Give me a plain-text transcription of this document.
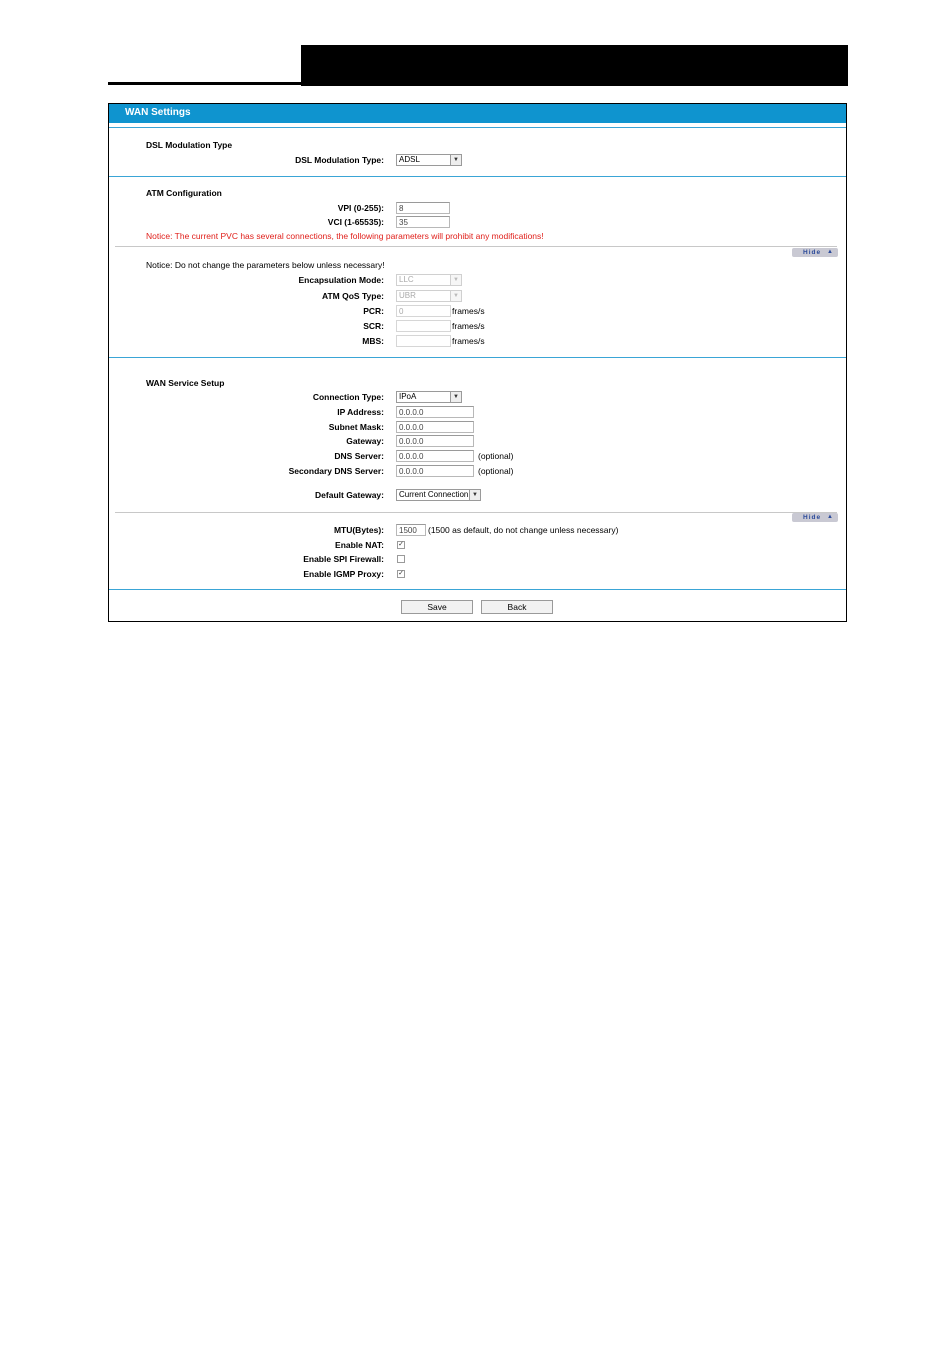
WAN Settings
DSL Modulation Type
DSL Modulation Type:	ADSL	▼
ATM Configuration
VPI (0-255):	8
VCI (1-65535):	35
Notice: The current PVC has several connections, the following parameters will prohibit any modifications!
Hide ▲
Notice: Do not change the parameters below unless necessary!
Encapsulation Mode:	LLC	▼
ATM QoS Type:	UBR	▼
PCR:	0	frames/s
SCR:	frames/s
MBS:	frames/s
WAN Service Setup
Connection Type:	IPoA	▼
IP Address:	0.0.0.0
Subnet Mask:	0.0.0.0
Gateway:	0.0.0.0
DNS Server:	0.0.0.0	(optional)
Secondary DNS Server:	0.0.0.0	(optional)
Default Gateway:	Current Connection ▼
Hide ▲
MTU(Bytes):	1500	(1500 as default, do not change unless necessary)
Enable NAT: ✓
Enable SPI Firewall:
Enable IGMP Proxy: ✓
Save	Back
